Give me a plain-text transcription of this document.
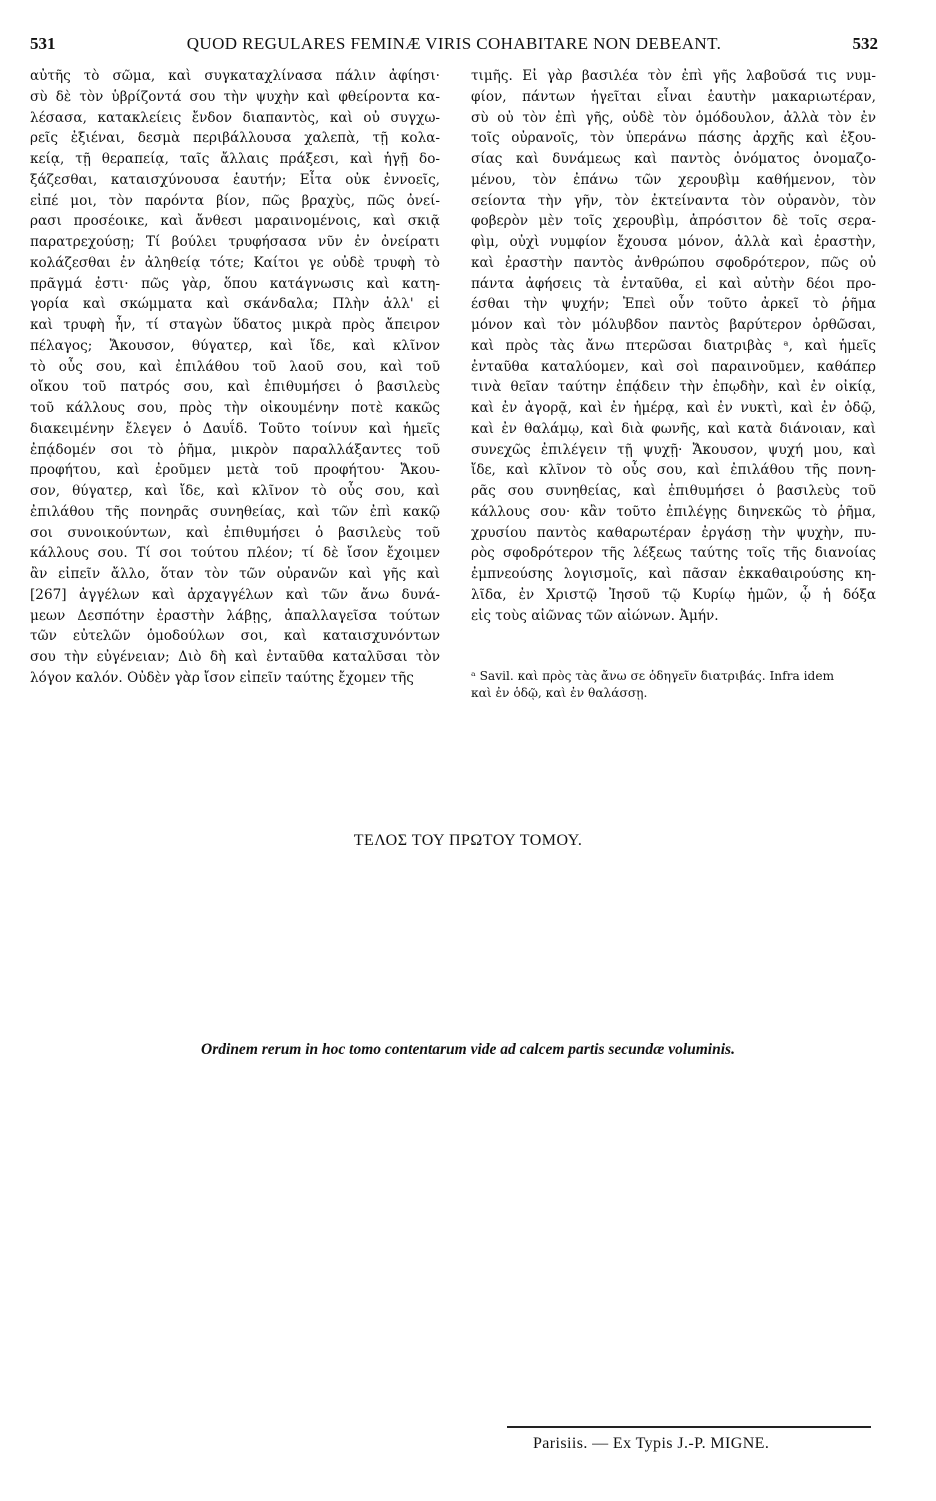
531	QUOD REGULARES FEMINÆ VIRIS COHABITARE NON DEBEANT.	532
αὐτῆς τὸ σῶμα, καὶ συγκαταχλίνασα πάλιν ἀφίησι·
σὺ δὲ τὸν ὑβρίζοντά σου τὴν ψυχὴν καὶ φθείροντα κα-
λέσασα, κατακλείεις ἔνδον διαπαντὸς, καὶ οὐ συγχω-
ρεῖς ἐξιέναι, δεσμὰ περιβάλλουσα χαλεπὰ, τῇ κολα-
κείᾳ, τῇ θεραπείᾳ, ταῖς ἄλλαις πράξεσι, καὶ ἡγῇ δο-
ξάζεσθαι, καταισχύνουσα ἑαυτήν; Εἶτα οὐκ ἐννοεῖς,
εἰπέ μοι, τὸν παρόντα βίον, πῶς βραχὺς, πῶς ὀνεί-
ρασι προσέοικε, καὶ ἄνθεσι μαραινομένοις, καὶ σκιᾷ
παρατρεχούσῃ; Τί βούλει τρυφήσασα νῦν ἐν ὀνείρατι
κολάζεσθαι ἐν ἀληθείᾳ τότε; Καίτοι γε οὐδὲ τρυφὴ τὸ
πρᾶγμά ἐστι· πῶς γὰρ, ὅπου κατάγνωσις καὶ κατη-
γορία καὶ σκώμματα καὶ σκάνδαλα; Πλὴν ἀλλ' εἰ
καὶ τρυφὴ ἦν, τί σταγὼν ὕδατος μικρὰ πρὸς ἄπειρον
πέλαγος; Ἄκουσον, θύγατερ, καὶ ἴδε, καὶ κλῖνον
τὸ οὖς σου, καὶ ἐπιλάθου τοῦ λαοῦ σου, καὶ τοῦ
οἴκου τοῦ πατρός σου, καὶ ἐπιθυμήσει ὁ βασιλεὺς
τοῦ κάλλους σου, πρὸς τὴν οἰκουμένην ποτὲ κακῶς
διακειμένην ἔλεγεν ὁ Δαυΐδ. Τοῦτο τοίνυν καὶ ἡμεῖς
ἐπᾴδομέν σοι τὸ ῥῆμα, μικρὸν παραλλάξαντες τοῦ
προφήτου, καὶ ἐροῦμεν μετὰ τοῦ προφήτου· Ἄκου-
σον, θύγατερ, καὶ ἴδε, καὶ κλῖνον τὸ οὖς σου, καὶ
ἐπιλάθου τῆς πονηρᾶς συνηθείας, καὶ τῶν ἐπὶ κακῷ
σοι συνοικούντων, καὶ ἐπιθυμήσει ὁ βασιλεὺς τοῦ
κάλλους σου. Τί σοι τούτου πλέον; τί δὲ ἴσον ἔχοιμεν
ἂν εἰπεῖν ἄλλο, ὅταν τὸν τῶν οὐρανῶν καὶ γῆς καὶ
[267] ἀγγέλων καὶ ἀρχαγγέλων καὶ τῶν ἄνω δυνά-
μεων Δεσπότην ἐραστὴν λάβῃς, ἀπαλλαγεῖσα τούτων
τῶν εὐτελῶν ὁμοδούλων σοι, καὶ καταισχυνόντων
σου τὴν εὐγένειαν; Διὸ δὴ καὶ ἐνταῦθα καταλῦσαι τὸν
λόγον καλόν. Οὐδὲν γὰρ ἴσον εἰπεῖν ταύτης ἔχομεν τῆς
τιμῆς. Εἰ γὰρ βασιλέα τὸν ἐπὶ γῆς λαβοῦσά τις νυμ-
φίον, πάντων ἡγεῖται εἶναι ἑαυτὴν μακαριωτέραν,
σὺ οὐ τὸν ἐπὶ γῆς, οὐδὲ τὸν ὁμόδουλον, ἀλλὰ τὸν ἐν
τοῖς οὐρανοῖς, τὸν ὑπεράνω πάσης ἀρχῆς καὶ ἐξου-
σίας καὶ δυνάμεως καὶ παντὸς ὀνόματος ὀνομαζο-
μένου, τὸν ἐπάνω τῶν χερουβὶμ καθήμενον, τὸν
σείοντα τὴν γῆν, τὸν ἐκτείναντα τὸν οὐρανὸν, τὸν
φοβερὸν μὲν τοῖς χερουβὶμ, ἀπρόσιτον δὲ τοῖς σερα-
φὶμ, οὐχὶ νυμφίον ἔχουσα μόνον, ἀλλὰ καὶ ἐραστὴν,
καὶ ἐραστὴν παντὸς ἀνθρώπου σφοδρότερον, πῶς οὐ
πάντα ἀφήσεις τὰ ἐνταῦθα, εἰ καὶ αὐτὴν δέοι προ-
έσθαι τὴν ψυχήν; Ἐπεὶ οὖν τοῦτο ἀρκεῖ τὸ ῥῆμα
μόνον καὶ τὸν μόλυβδον παντὸς βαρύτερον ὀρθῶσαι,
καὶ πρὸς τὰς ἄνω πτερῶσαι διατριβὰς ᵃ, καὶ ἡμεῖς
ἐνταῦθα καταλύομεν, καὶ σοὶ παραινοῦμεν, καθάπερ
τινὰ θεῖαν ταύτην ἐπᾴδειν τὴν ἐπῳδὴν, καὶ ἐν οἰκίᾳ,
καὶ ἐν ἀγορᾷ, καὶ ἐν ἡμέρᾳ, καὶ ἐν νυκτὶ, καὶ ἐν ὁδῷ,
καὶ ἐν θαλάμῳ, καὶ διὰ φωνῆς, καὶ κατὰ διάνοιαν, καὶ
συνεχῶς ἐπιλέγειν τῇ ψυχῇ· Ἄκουσον, ψυχή μου, καὶ
ἴδε, καὶ κλῖνον τὸ οὖς σου, καὶ ἐπιλάθου τῆς πονη-
ρᾶς σου συνηθείας, καὶ ἐπιθυμήσει ὁ βασιλεὺς τοῦ
κάλλους σου· κἂν τοῦτο ἐπιλέγῃς διηνεκῶς τὸ ῥῆμα,
χρυσίου παντὸς καθαρωτέραν ἐργάσῃ τὴν ψυχὴν, πυ-
ρὸς σφοδρότερον τῆς λέξεως ταύτης τοῖς τῆς διανοίας
ἐμπνεούσης λογισμοῖς, καὶ πᾶσαν ἐκκαθαιρούσης κη-
λῖδα, ἐν Χριστῷ Ἰησοῦ τῷ Κυρίῳ ἡμῶν, ᾧ ἡ δόξα
εἰς τοὺς αἰῶνας τῶν αἰώνων. Ἀμήν.
ᵃ Savil. καὶ πρὸς τὰς ἄνω σε ὁδηγεῖν διατριβάς. Infra idem
καὶ ἐν ὁδῷ, καὶ ἐν θαλάσσῃ.
ΤΕΛΟΣ ΤΟΥ ΠΡΩΤΟΥ ΤΟΜΟΥ.
Ordinem rerum in hoc tomo contentarum vide ad calcem partis secundæ voluminis.
Parisiis. — Ex Typis J.-P. MIGNE.
